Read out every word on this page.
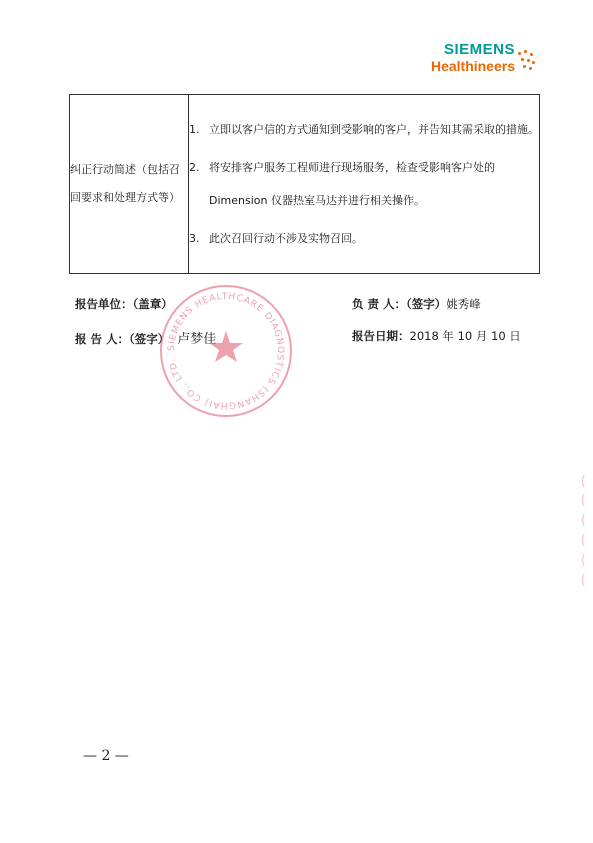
SIEMENS
Healthineers
纠正行动简述（包括召回要求和处理方式等）	
1. 立即以客户信的方式通知到受影响的客户，并告知其需采取的措施。
2. 将安排客户服务工程师进行现场服务，检查受影响客户处的Dimension 仪器热室马达并进行相关操作。
3. 此次召回行动不涉及实物召回。
报告单位：（盖章）	负 责 人：（签字）姚秀峰
报 告 人：（签字） 卢梦佳	报告日期：2018 年 10 月 10 日
SIEMENS HEALTHCARE DIAGNOSTICS (SHANGHAI) CO., LTD.
— 2 —
